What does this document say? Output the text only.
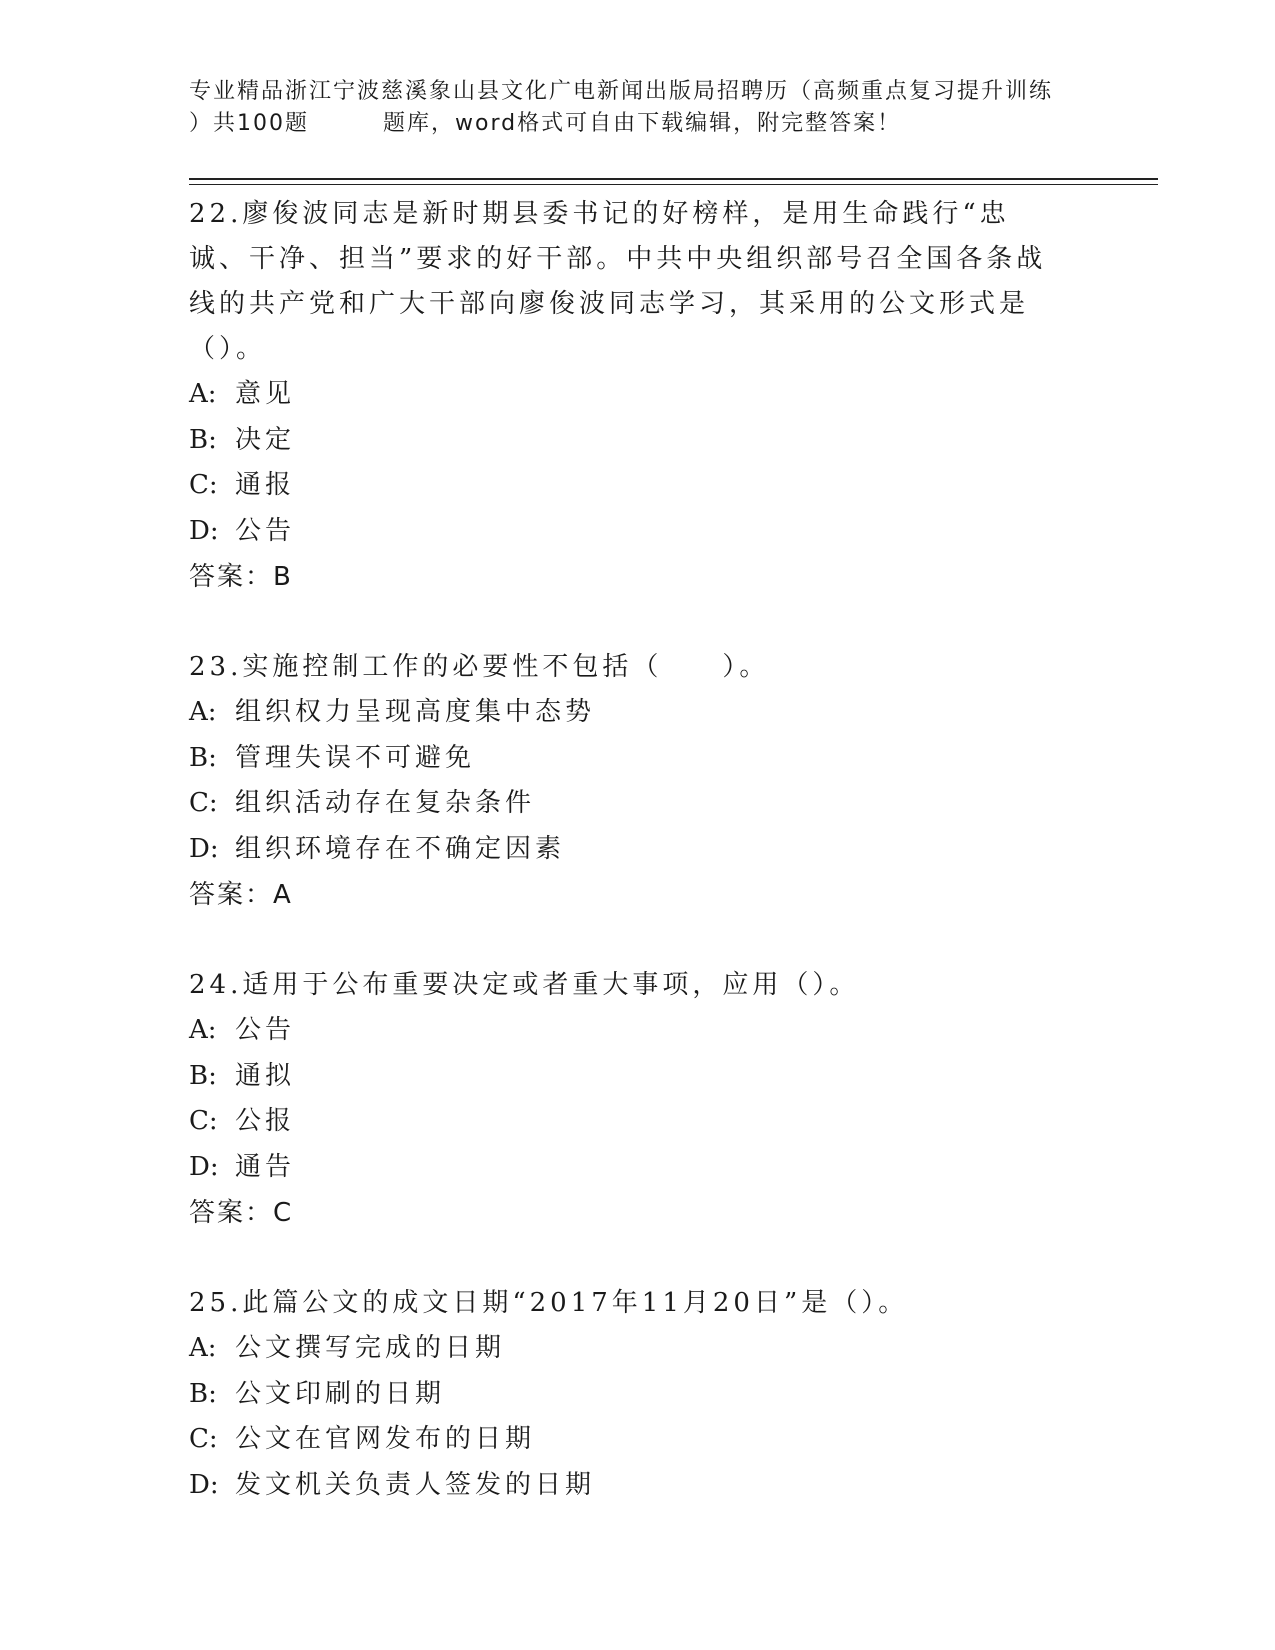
专业精品浙江宁波慈溪象山县文化广电新闻出版局招聘历（高频重点复习提升训练
）共100题	题库，word格式可自由下载编辑，附完整答案！
22.廖俊波同志是新时期县委书记的好榜样，是用生命践行“忠诚、干净、担当”要求的好干部。中共中央组织部号召全国各条战线的共产党和广大干部向廖俊波同志学习，其采用的公文形式是（）。
A: 意见
B: 决定
C: 通报
D: 公告
答案：B
23.实施控制工作的必要性不包括（　　）。
A: 组织权力呈现高度集中态势
B: 管理失误不可避免
C: 组织活动存在复杂条件
D: 组织环境存在不确定因素
答案：A
24.适用于公布重要决定或者重大事项，应用（）。
A: 公告
B: 通拟
C: 公报
D: 通告
答案：C
25.此篇公文的成文日期“2017年11月20日”是（）。
A: 公文撰写完成的日期
B: 公文印刷的日期
C: 公文在官网发布的日期
D: 发文机关负责人签发的日期
